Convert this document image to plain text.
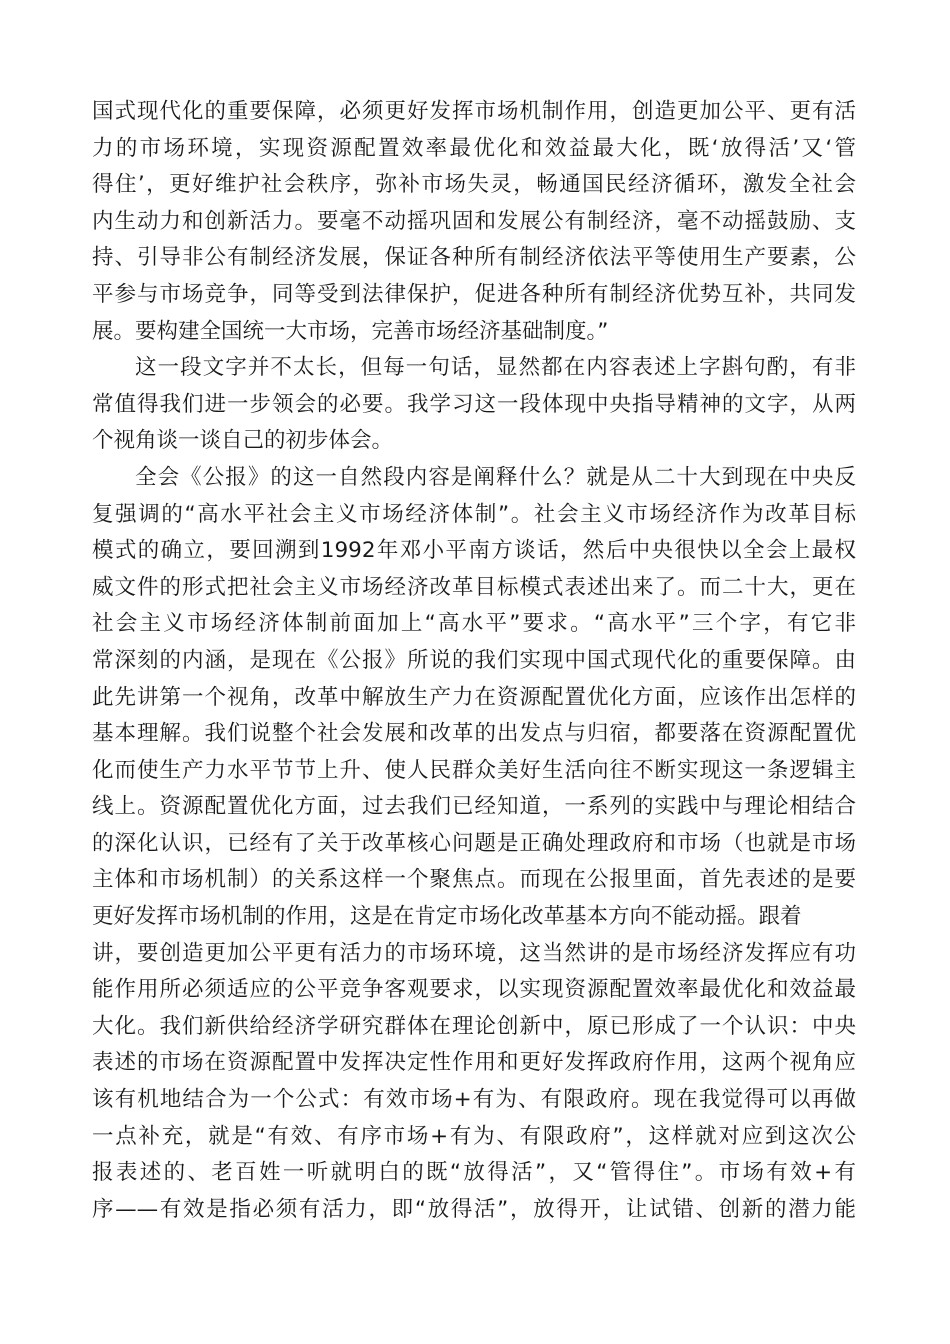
国式现代化的重要保障，必须更好发挥市场机制作用，创造更加公平、更有活
力的市场环境，实现资源配置效率最优化和效益最大化，既‘放得活’又‘管
得住’，更好维护社会秩序，弥补市场失灵，畅通国民经济循环，激发全社会
内生动力和创新活力。要毫不动摇巩固和发展公有制经济，毫不动摇鼓励、支
持、引导非公有制经济发展，保证各种所有制经济依法平等使用生产要素，公
平参与市场竞争，同等受到法律保护，促进各种所有制经济优势互补，共同发
展。要构建全国统一大市场，完善市场经济基础制度。”
这一段文字并不太长，但每一句话，显然都在内容表述上字斟句酌，有非
常值得我们进一步领会的必要。我学习这一段体现中央指导精神的文字，从两
个视角谈一谈自己的初步体会。
全会《公报》的这一自然段内容是阐释什么？就是从二十大到现在中央反
复强调的“高水平社会主义市场经济体制”。社会主义市场经济作为改革目标
模式的确立，要回溯到1992年邓小平南方谈话，然后中央很快以全会上最权
威文件的形式把社会主义市场经济改革目标模式表述出来了。而二十大，更在
社会主义市场经济体制前面加上“高水平”要求。“高水平”三个字，有它非
常深刻的内涵，是现在《公报》所说的我们实现中国式现代化的重要保障。由
此先讲第一个视角，改革中解放生产力在资源配置优化方面，应该作出怎样的
基本理解。我们说整个社会发展和改革的出发点与归宿，都要落在资源配置优
化而使生产力水平节节上升、使人民群众美好生活向往不断实现这一条逻辑主
线上。资源配置优化方面，过去我们已经知道，一系列的实践中与理论相结合
的深化认识，已经有了关于改革核心问题是正确处理政府和市场（也就是市场
主体和市场机制）的关系这样一个聚焦点。而现在公报里面，首先表述的是要
更好发挥市场机制的作用，这是在肯定市场化改革基本方向不能动摇。跟着
讲，要创造更加公平更有活力的市场环境，这当然讲的是市场经济发挥应有功
能作用所必须适应的公平竞争客观要求，以实现资源配置效率最优化和效益最
大化。我们新供给经济学研究群体在理论创新中，原已形成了一个认识：中央
表述的市场在资源配置中发挥决定性作用和更好发挥政府作用，这两个视角应
该有机地结合为一个公式：有效市场+有为、有限政府。现在我觉得可以再做
一点补充，就是“有效、有序市场+有为、有限政府”，这样就对应到这次公
报表述的、老百姓一听就明白的既“放得活”，又“管得住”。市场有效+有
序——有效是指必须有活力，即“放得活”，放得开，让试错、创新的潜力能
